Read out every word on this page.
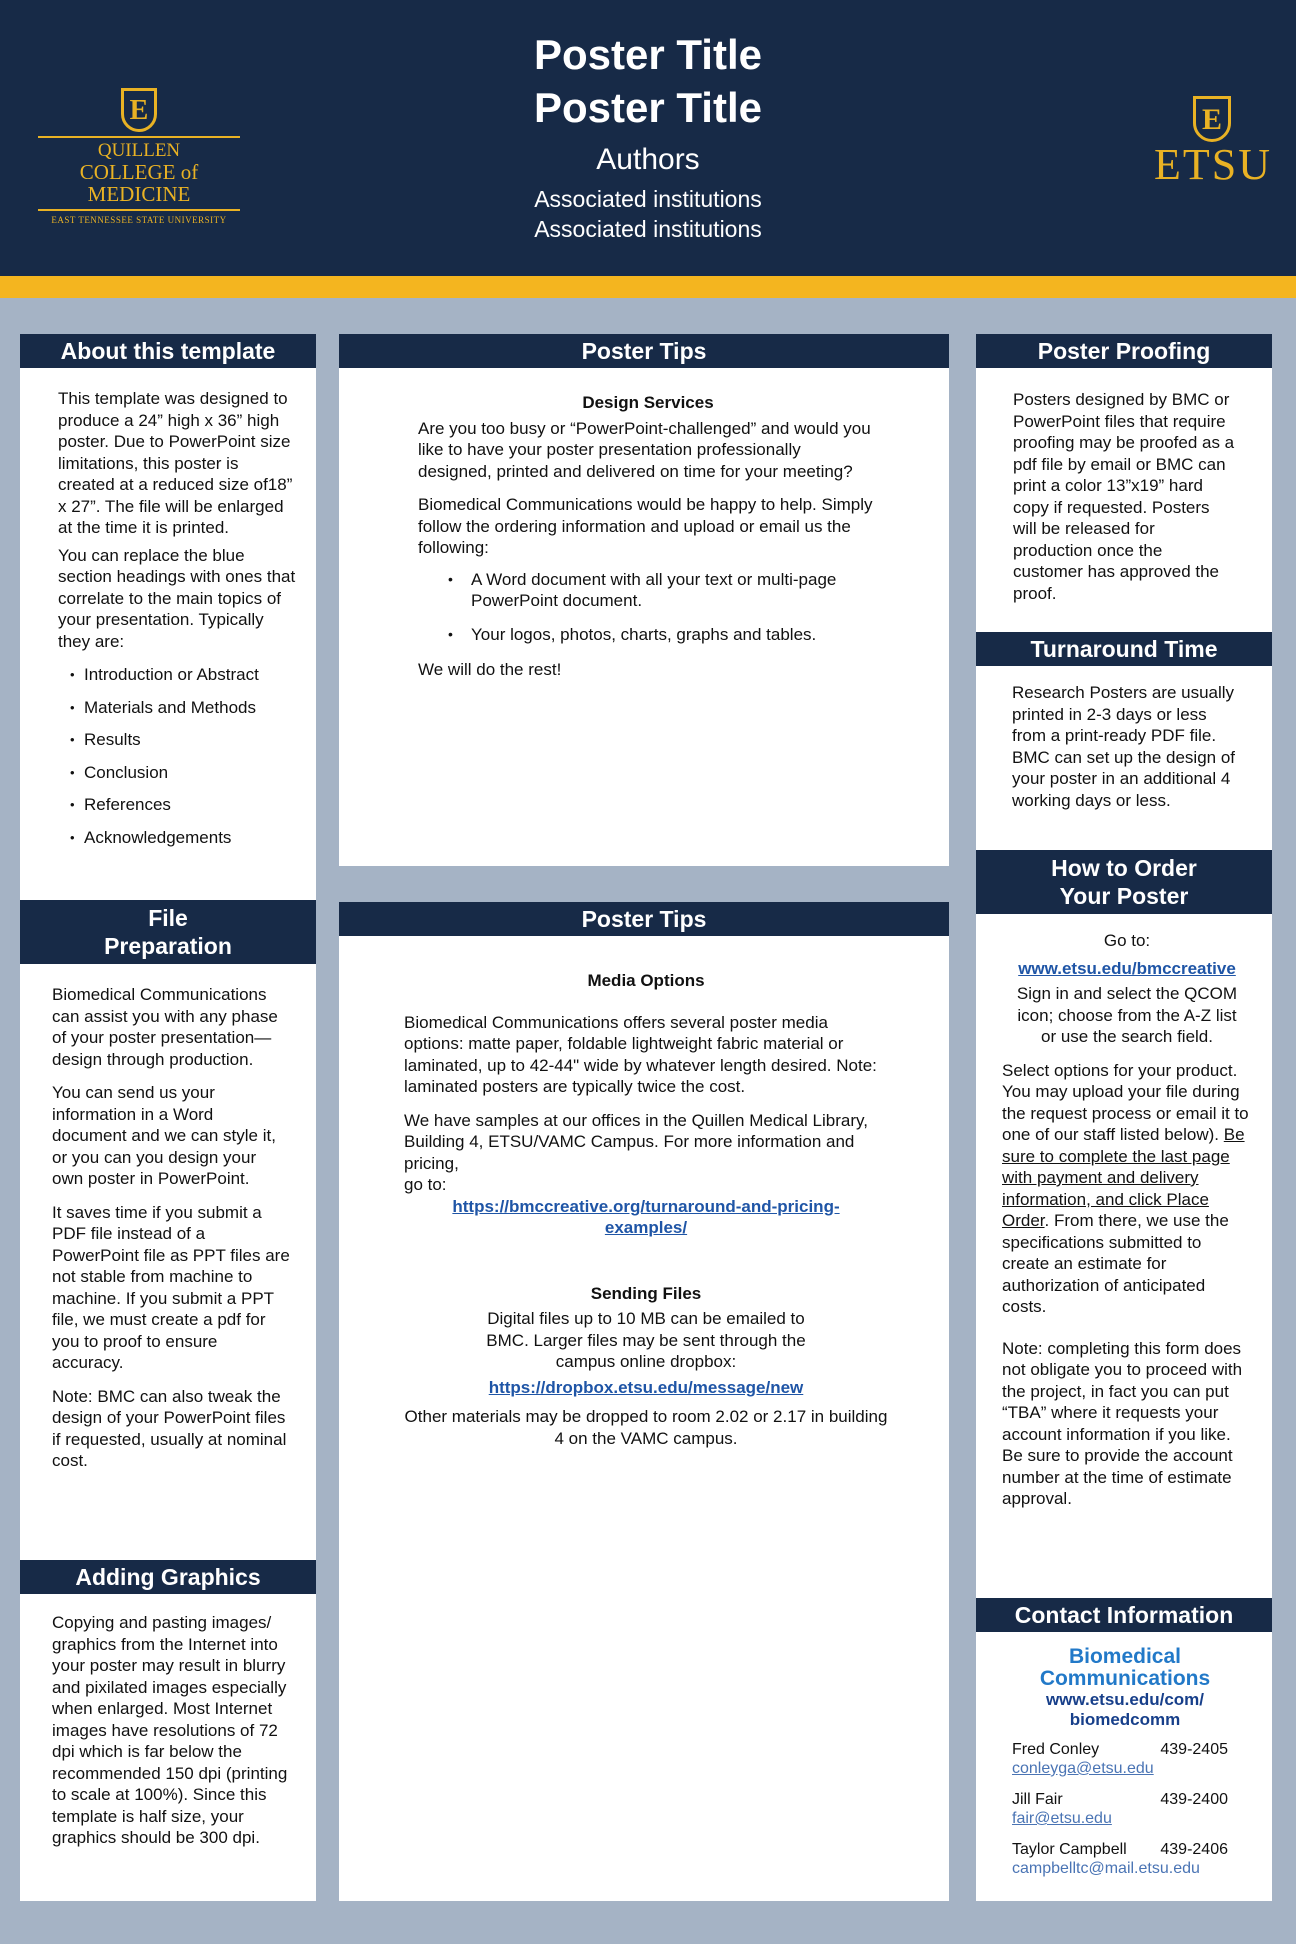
E
QUILLEN
COLLEGE of MEDICINE
EAST TENNESSEE STATE UNIVERSITY
Poster Title
Poster Title
Authors
Associated institutions
Associated institutions
E
ETSU
About this template

This template was designed to produce a 24” high x 36” high poster. Due to PowerPoint size limitations, this poster is created at a reduced size of18” x 27”. The file will be enlarged at the time it is printed.

You can replace the blue section headings with ones that correlate to the main topics of your presentation. Typically they are:

• Introduction or Abstract
• Materials and Methods
• Results
• Conclusion
• References
• Acknowledgements
File
Preparation

Biomedical Communications can assist you with any phase of your poster presentation— design through production.

You can send us your information in a Word document and we can style it, or you can you design your own poster in PowerPoint.

It saves time if you submit a PDF file instead of a PowerPoint file as PPT files are not stable from machine to machine. If you submit a PPT file, we must create a pdf for you to proof to ensure accuracy.

Note: BMC can also tweak the design of your PowerPoint files if requested, usually at nominal cost.

Adding Graphics

Copying and pasting images/ graphics from the Internet into your poster may result in blurry and pixilated images especially when enlarged. Most Internet images have resolutions of 72 dpi which is far below the recommended 150 dpi (printing to scale at 100%). Since this template is half size, your graphics should be 300 dpi.

Poster Tips

Design Services

Are you too busy or “PowerPoint-challenged” and would you like to have your poster presentation professionally designed, printed and delivered on time for your meeting?

Biomedical Communications would be happy to help. Simply follow the ordering information and upload or email us the following:

• A Word document with all your text or multi-page PowerPoint document.
• Your logos, photos, charts, graphs and tables.

We will do the rest!

Poster Tips

Media Options

Biomedical Communications offers several poster media options: matte paper, foldable lightweight fabric material or laminated, up to 42-44" wide by whatever length desired. Note: laminated posters are typically twice the cost.

We have samples at our offices in the Quillen Medical Library, Building 4, ETSU/VAMC Campus. For more information and pricing,
go to:

https://bmccreative.org/turnaround-and-pricing-examples/

Sending Files

Digital files up to 10 MB can be emailed to BMC. Larger files may be sent through the campus online dropbox:

https://dropbox.etsu.edu/message/new

Other materials may be dropped to room 2.02 or 2.17 in building 4 on the VAMC campus.

Poster Proofing

Posters designed by BMC or PowerPoint files that require proofing may be proofed as a pdf file by email or BMC can print a color 13”x19” hard copy if requested. Posters will be released for production once the customer has approved the proof.

Turnaround Time

Research Posters are usually printed in 2-3 days or less from a print-ready PDF file. BMC can set up the design of your poster in an additional 4 working days or less.

How to Order
Your Poster

Go to:

www.etsu.edu/bmccreative

Sign in and select the QCOM icon; choose from the A-Z list or use the search field.

Select options for your product. You may upload your file during the request process or email it to one of our staff listed below). Be sure to complete the last page with payment and delivery information, and click Place Order. From there, we use the specifications submitted to create an estimate for authorization of anticipated costs.

Note: completing this form does not obligate you to proceed with the project, in fact you can put “TBA” where it requests your account information if you like. Be sure to provide the account number at the time of estimate approval.

Contact Information
Biomedical
Communications
www.etsu.edu/com/
biomedcomm
Fred Conley	439-2405
conleyga@etsu.edu
Jill Fair	439-2400
fair@etsu.edu
Taylor Campbell 439-2406
campbelltc@mail.etsu.edu
